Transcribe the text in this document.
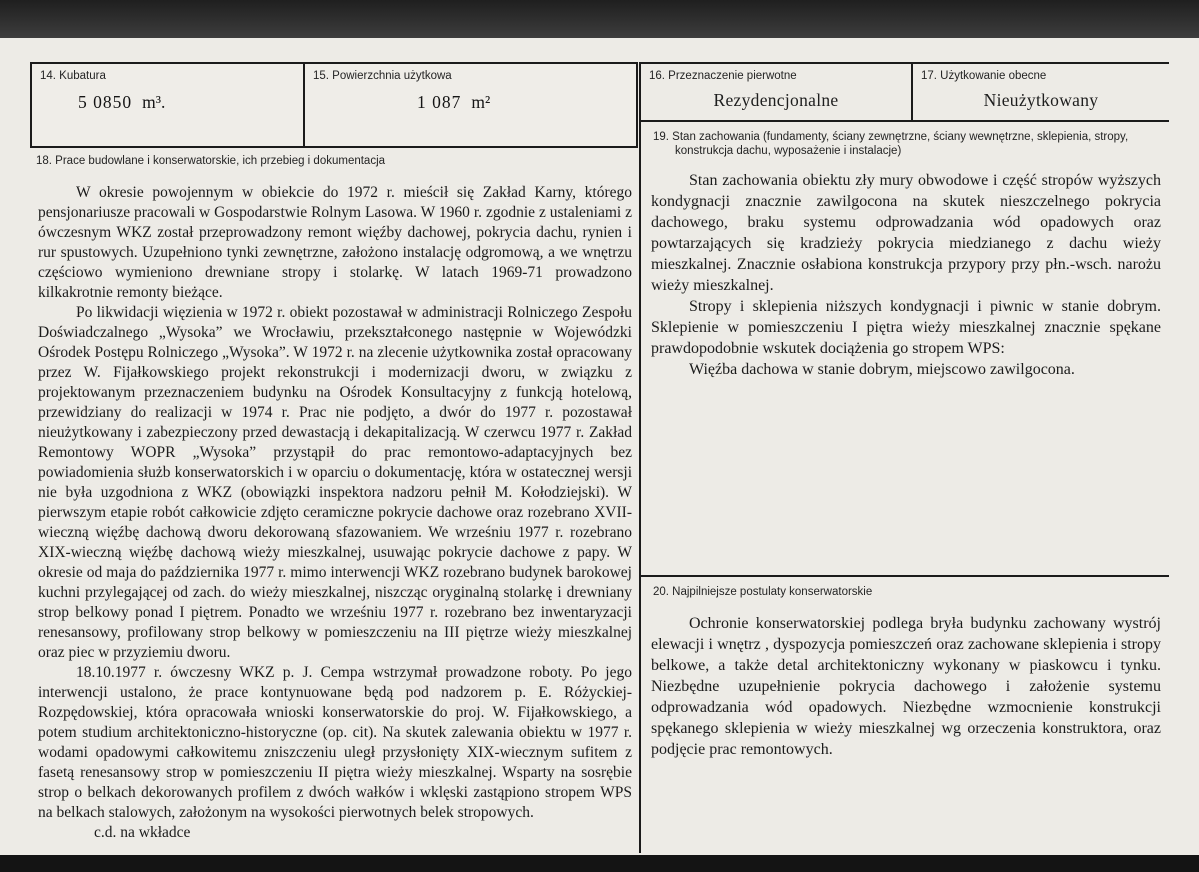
14. Kubatura
5 0850 m³.
15. Powierzchnia użytkowa
1 087 m²
18. Prace budowlane i konserwatorskie, ich przebieg i dokumentacja

W okresie powojennym w obiekcie do 1972 r. mieścił się Zakład Karny, którego pensjonariusze pracowali w Gospodarstwie Rolnym Lasowa. W 1960 r. zgodnie z ustaleniami z ówczesnym WKZ został przeprowadzony remont więźby dachowej, pokrycia dachu, rynien i rur spustowych. Uzupełniono tynki zewnętrzne, założono instalację odgromową, a we wnętrzu częściowo wymieniono drewniane stropy i stolarkę. W latach 1969-71 prowadzono kilkakrotnie remonty bieżące.

Po likwidacji więzienia w 1972 r. obiekt pozostawał w administracji Rolniczego Zespołu Doświadczalnego „Wysoka” we Wrocławiu, przekształconego następnie w Wojewódzki Ośrodek Postępu Rolniczego „Wysoka”. W 1972 r. na zlecenie użytkownika został opracowany przez W. Fijałkowskiego projekt rekonstrukcji i modernizacji dworu, w związku z projektowanym przeznaczeniem budynku na Ośrodek Konsultacyjny z funkcją hotelową, przewidziany do realizacji w 1974 r. Prac nie podjęto, a dwór do 1977 r. pozostawał nieużytkowany i zabezpieczony przed dewastacją i dekapitalizacją. W czerwcu 1977 r. Zakład Remontowy WOPR „Wysoka” przystąpił do prac remontowo-adaptacyjnych bez powiadomienia służb konserwatorskich i w oparciu o dokumentację, która w ostatecznej wersji nie była uzgodniona z WKZ (obowiązki inspektora nadzoru pełnił M. Kołodziejski). W pierwszym etapie robót całkowicie zdjęto ceramiczne pokrycie dachowe oraz rozebrano XVII-wieczną więźbę dachową dworu dekorowaną sfazowaniem. We wrześniu 1977 r. rozebrano XIX-wieczną więźbę dachową wieży mieszkalnej, usuwając pokrycie dachowe z papy. W okresie od maja do października 1977 r. mimo interwencji WKZ rozebrano budynek barokowej kuchni przylegającej od zach. do wieży mieszkalnej, niszcząc oryginalną stolarkę i drewniany strop belkowy ponad I piętrem. Ponadto we wrześniu 1977 r. rozebrano bez inwentaryzacji renesansowy, profilowany strop belkowy w pomieszczeniu na III piętrze wieży mieszkalnej oraz piec w przyziemiu dworu.

18.10.1977 r. ówczesny WKZ p. J. Cempa wstrzymał prowadzone roboty. Po jego interwencji ustalono, że prace kontynuowane będą pod nadzorem p. E. Różyckiej-Rozpędowskiej, która opracowała wnioski konserwatorskie do proj. W. Fijałkowskiego, a potem studium architektoniczno-historyczne (op. cit). Na skutek zalewania obiektu w 1977 r. wodami opadowymi całkowitemu zniszczeniu uległ przysłonięty XIX-wiecznym sufitem z fasetą renesansowy strop w pomieszczeniu II piętra wieży mieszkalnej. Wsparty na sosrębie strop o belkach dekorowanych profilem z dwóch wałków i wklęski zastąpiono stropem WPS na belkach stalowych, założonym na wysokości pierwotnych belek stropowych.

c.d. na wkładce

16. Przeznaczenie pierwotne
Rezydencjonalne
17. Użytkowanie obecne
Nieużytkowany
19. Stan zachowania (fundamenty, ściany zewnętrzne, ściany wewnętrzne, sklepienia, stropy, konstrukcja dachu, wyposażenie i instalacje)

Stan zachowania obiektu zły mury obwodowe i część stropów wyższych kondygnacji znacznie zawilgocona na skutek nieszczelnego pokrycia dachowego, braku systemu odprowadzania wód opadowych oraz powtarzających się kradzieży pokrycia miedzianego z dachu wieży mieszkalnej. Znacznie osłabiona konstrukcja przypory przy płn.-wsch. narożu wieży mieszkalnej.

Stropy i sklepienia niższych kondygnacji i piwnic w stanie dobrym. Sklepienie w pomieszczeniu I piętra wieży mieszkalnej znacznie spękane prawdopodobnie wskutek dociążenia go stropem WPS:

Więźba dachowa w stanie dobrym, miejscowo zawilgocona.

20. Najpilniejsze postulaty konserwatorskie

Ochronie konserwatorskiej podlega bryła budynku zachowany wystrój elewacji i wnętrz , dyspozycja pomieszczeń oraz zachowane sklepienia i stropy belkowe, a także detal architektoniczny wykonany w piaskowcu i tynku. Niezbędne uzupełnienie pokrycia dachowego i założenie systemu odprowadzania wód opadowych. Niezbędne wzmocnienie konstrukcji spękanego sklepienia w wieży mieszkalnej wg orzeczenia konstruktora, oraz podjęcie prac remontowych.
